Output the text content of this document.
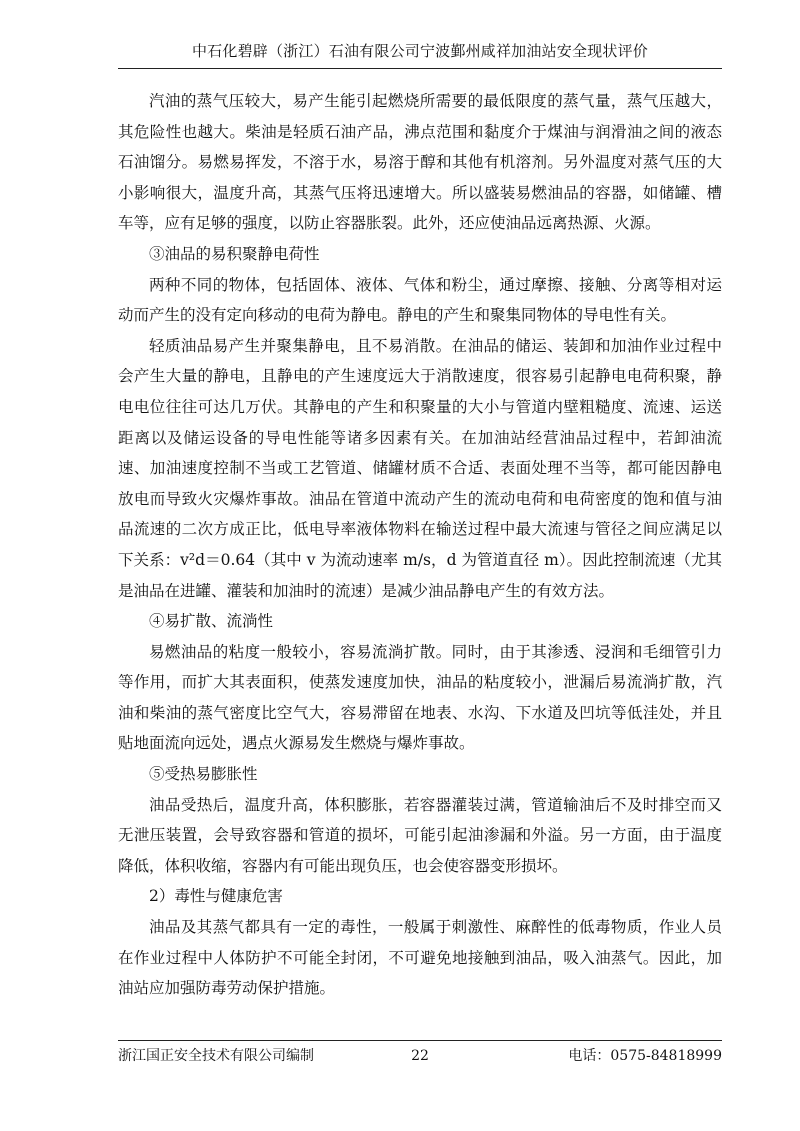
中石化碧辟（浙江）石油有限公司宁波鄞州咸祥加油站安全现状评价

汽油的蒸气压较大，易产生能引起燃烧所需要的最低限度的蒸气量，蒸气压越大，其危险性也越大。柴油是轻质石油产品，沸点范围和黏度介于煤油与润滑油之间的液态石油馏分。易燃易挥发，不溶于水，易溶于醇和其他有机溶剂。另外温度对蒸气压的大小影响很大，温度升高，其蒸气压将迅速增大。所以盛装易燃油品的容器，如储罐、槽车等，应有足够的强度，以防止容器胀裂。此外，还应使油品远离热源、火源。

③油品的易积聚静电荷性

两种不同的物体，包括固体、液体、气体和粉尘，通过摩擦、接触、分离等相对运动而产生的没有定向移动的电荷为静电。静电的产生和聚集同物体的导电性有关。

轻质油品易产生并聚集静电，且不易消散。在油品的储运、装卸和加油作业过程中会产生大量的静电，且静电的产生速度远大于消散速度，很容易引起静电电荷积聚，静电电位往往可达几万伏。其静电的产生和积聚量的大小与管道内壁粗糙度、流速、运送距离以及储运设备的导电性能等诸多因素有关。在加油站经营油品过程中，若卸油流速、加油速度控制不当或工艺管道、储罐材质不合适、表面处理不当等，都可能因静电放电而导致火灾爆炸事故。油品在管道中流动产生的流动电荷和电荷密度的饱和值与油品流速的二次方成正比，低电导率液体物料在输送过程中最大流速与管径之间应满足以下关系：v²d＝0.64（其中 v 为流动速率 m/s，d 为管道直径 m）。因此控制流速（尤其是油品在进罐、灌装和加油时的流速）是减少油品静电产生的有效方法。

④易扩散、流淌性

易燃油品的粘度一般较小，容易流淌扩散。同时，由于其渗透、浸润和毛细管引力等作用，而扩大其表面积，使蒸发速度加快，油品的粘度较小，泄漏后易流淌扩散，汽油和柴油的蒸气密度比空气大，容易滞留在地表、水沟、下水道及凹坑等低洼处，并且贴地面流向远处，遇点火源易发生燃烧与爆炸事故。

⑤受热易膨胀性

油品受热后，温度升高，体积膨胀，若容器灌装过满，管道输油后不及时排空而又无泄压装置，会导致容器和管道的损坏，可能引起油渗漏和外溢。另一方面，由于温度降低，体积收缩，容器内有可能出现负压，也会使容器变形损坏。

2）毒性与健康危害

油品及其蒸气都具有一定的毒性，一般属于刺激性、麻醉性的低毒物质，作业人员在作业过程中人体防护不可能全封闭，不可避免地接触到油品，吸入油蒸气。因此，加油站应加强防毒劳动保护措施。

浙江国正安全技术有限公司编制	22	电话：0575-84818999
